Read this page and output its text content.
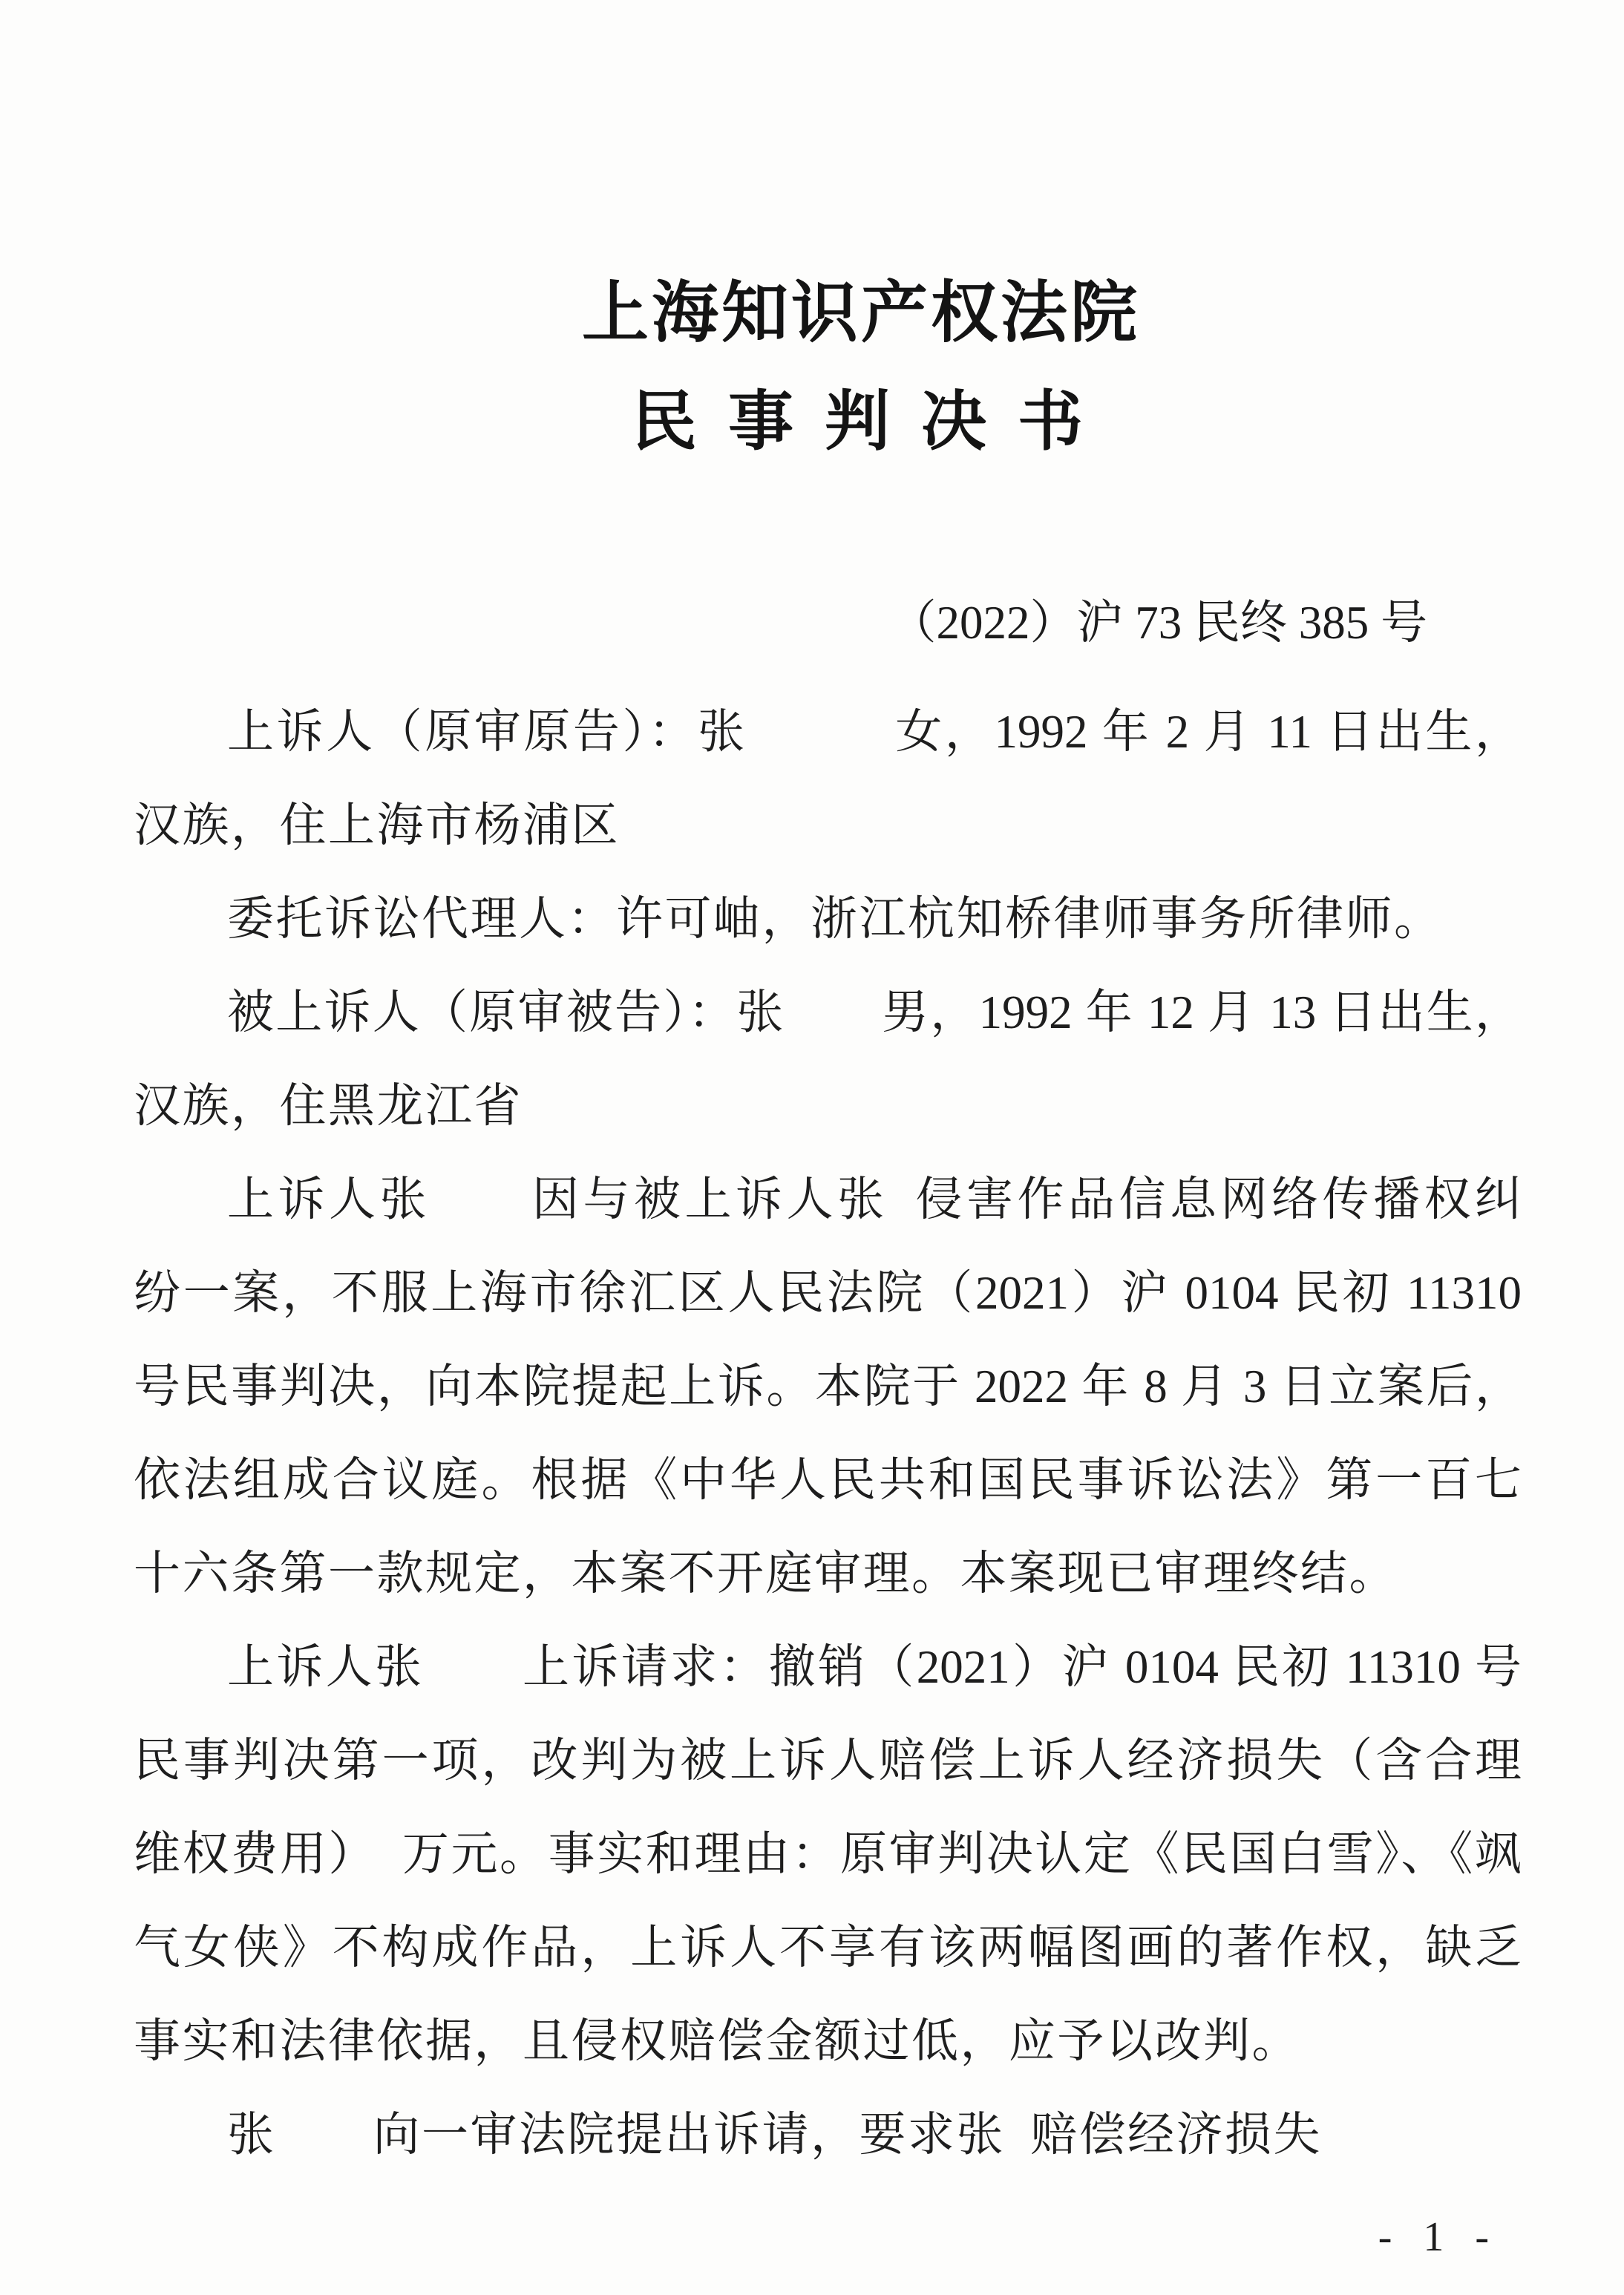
上海知识产权法院
民 事 判 决 书
（2022）沪 73 民终 385 号
上诉人（原审原告）：张　　　女，1992 年 2 月 11 日出生，
汉族，住上海市杨浦区
委托诉讼代理人：许可岫，浙江杭知桥律师事务所律师。
被上诉人（原审被告）：张　　男，1992 年 12 月 13 日出生，
汉族，住黑龙江省
上诉人张　　因与被上诉人张 侵害作品信息网络传播权纠
纷一案，不服上海市徐汇区人民法院（2021）沪 0104 民初 11310
号民事判决，向本院提起上诉。本院于 2022 年 8 月 3 日立案后，
依法组成合议庭。根据《中华人民共和国民事诉讼法》第一百七
十六条第一款规定，本案不开庭审理。本案现已审理终结。
上诉人张　　上诉请求：撤销（2021）沪 0104 民初 11310 号
民事判决第一项，改判为被上诉人赔偿上诉人经济损失（含合理
维权费用） 万元。事实和理由：原审判决认定《民国白雪》、《飒
气女侠》不构成作品，上诉人不享有该两幅图画的著作权，缺乏
事实和法律依据，且侵权赔偿金额过低，应予以改判。
张　　向一审法院提出诉请，要求张 赔偿经济损失
- 1 -
